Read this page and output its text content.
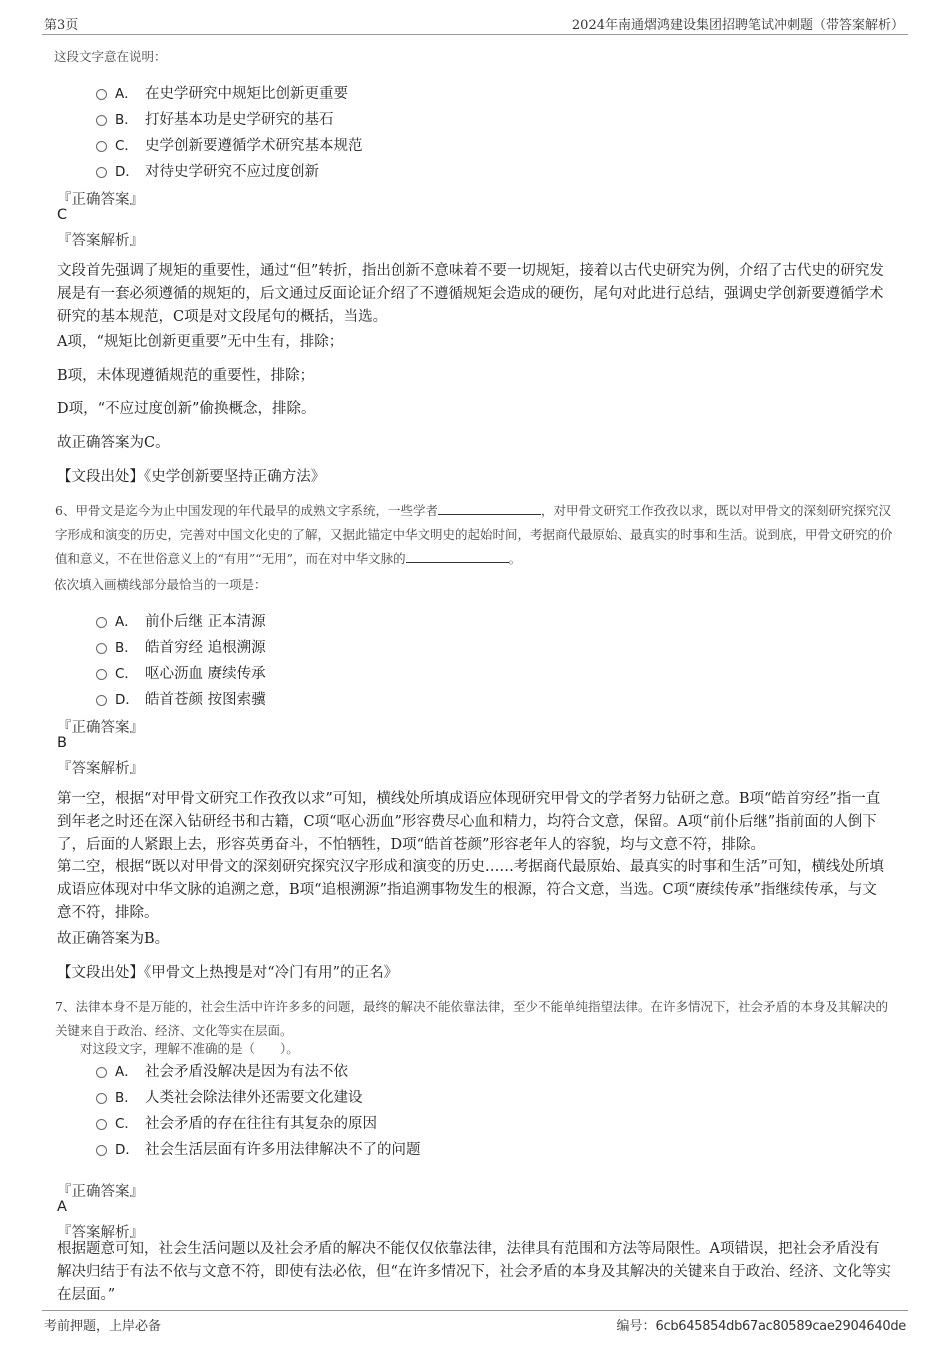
第3页	2024年南通熠鸿建设集团招聘笔试冲刺题（带答案解析）
这段文字意在说明：
A． 在史学研究中规矩比创新更重要
B． 打好基本功是史学研究的基石
C． 史学创新要遵循学术研究基本规范
D． 对待史学研究不应过度创新
『正确答案』
C
『答案解析』
文段首先强调了规矩的重要性，通过“但”转折，指出创新不意味着不要一切规矩，接着以古代史研究为例，介绍了古代史的研究发展是有一套必须遵循的规矩的，后文通过反面论证介绍了不遵循规矩会造成的硬伤，尾句对此进行总结，强调史学创新要遵循学术研究的基本规范，C项是对文段尾句的概括，当选。
A项，“规矩比创新更重要”无中生有，排除；
B项，未体现遵循规范的重要性，排除；
D项，“不应过度创新”偷换概念，排除。
故正确答案为C。
【文段出处】《史学创新要坚持正确方法》
6、甲骨文是迄今为止中国发现的年代最早的成熟文字系统，一些学者	，对甲骨文研究工作孜孜以求，既以对甲骨文的深刻研究探究汉字形成和演变的历史，完善对中国文化史的了解，又据此锚定中华文明史的起始时间，考据商代最原始、最真实的时事和生活。说到底，甲骨文研究的价值和意义，不在世俗意义上的“有用”“无用”，而在对中华文脉的	。
依次填入画横线部分最恰当的一项是：
A． 前仆后继 正本清源
B． 皓首穷经 追根溯源
C． 呕心沥血 赓续传承
D． 皓首苍颜 按图索骥
『正确答案』
B
『答案解析』
第一空，根据“对甲骨文研究工作孜孜以求”可知，横线处所填成语应体现研究甲骨文的学者努力钻研之意。B项“皓首穷经”指一直到年老之时还在深入钻研经书和古籍，C项“呕心沥血”形容费尽心血和精力，均符合文意，保留。A项“前仆后继”指前面的人倒下了，后面的人紧跟上去，形容英勇奋斗，不怕牺牲，D项“皓首苍颜”形容老年人的容貌，均与文意不符，排除。
第二空，根据“既以对甲骨文的深刻研究探究汉字形成和演变的历史……考据商代最原始、最真实的时事和生活”可知，横线处所填成语应体现对中华文脉的追溯之意，B项“追根溯源”指追溯事物发生的根源，符合文意，当选。C项“赓续传承”指继续传承，与文意不符，排除。
故正确答案为B。
【文段出处】《甲骨文上热搜是对“冷门有用”的正名》
7、法律本身不是万能的，社会生活中许许多多的问题，最终的解决不能依靠法律，至少不能单纯指望法律。在许多情况下，社会矛盾的本身及其解决的关键来自于政治、经济、文化等实在层面。
对这段文字，理解不准确的是（　　）。
A． 社会矛盾没解决是因为有法不依
B． 人类社会除法律外还需要文化建设
C． 社会矛盾的存在往往有其复杂的原因
D． 社会生活层面有许多用法律解决不了的问题
『正确答案』
A
『答案解析』
根据题意可知，社会生活问题以及社会矛盾的解决不能仅仅依靠法律，法律具有范围和方法等局限性。A项错误，把社会矛盾没有解决归结于有法不依与文意不符，即使有法必依，但“在许多情况下，社会矛盾的本身及其解决的关键来自于政治、经济、文化等实在层面。”
考前押题，上岸必备	编号：6cb645854db67ac80589cae2904640de
